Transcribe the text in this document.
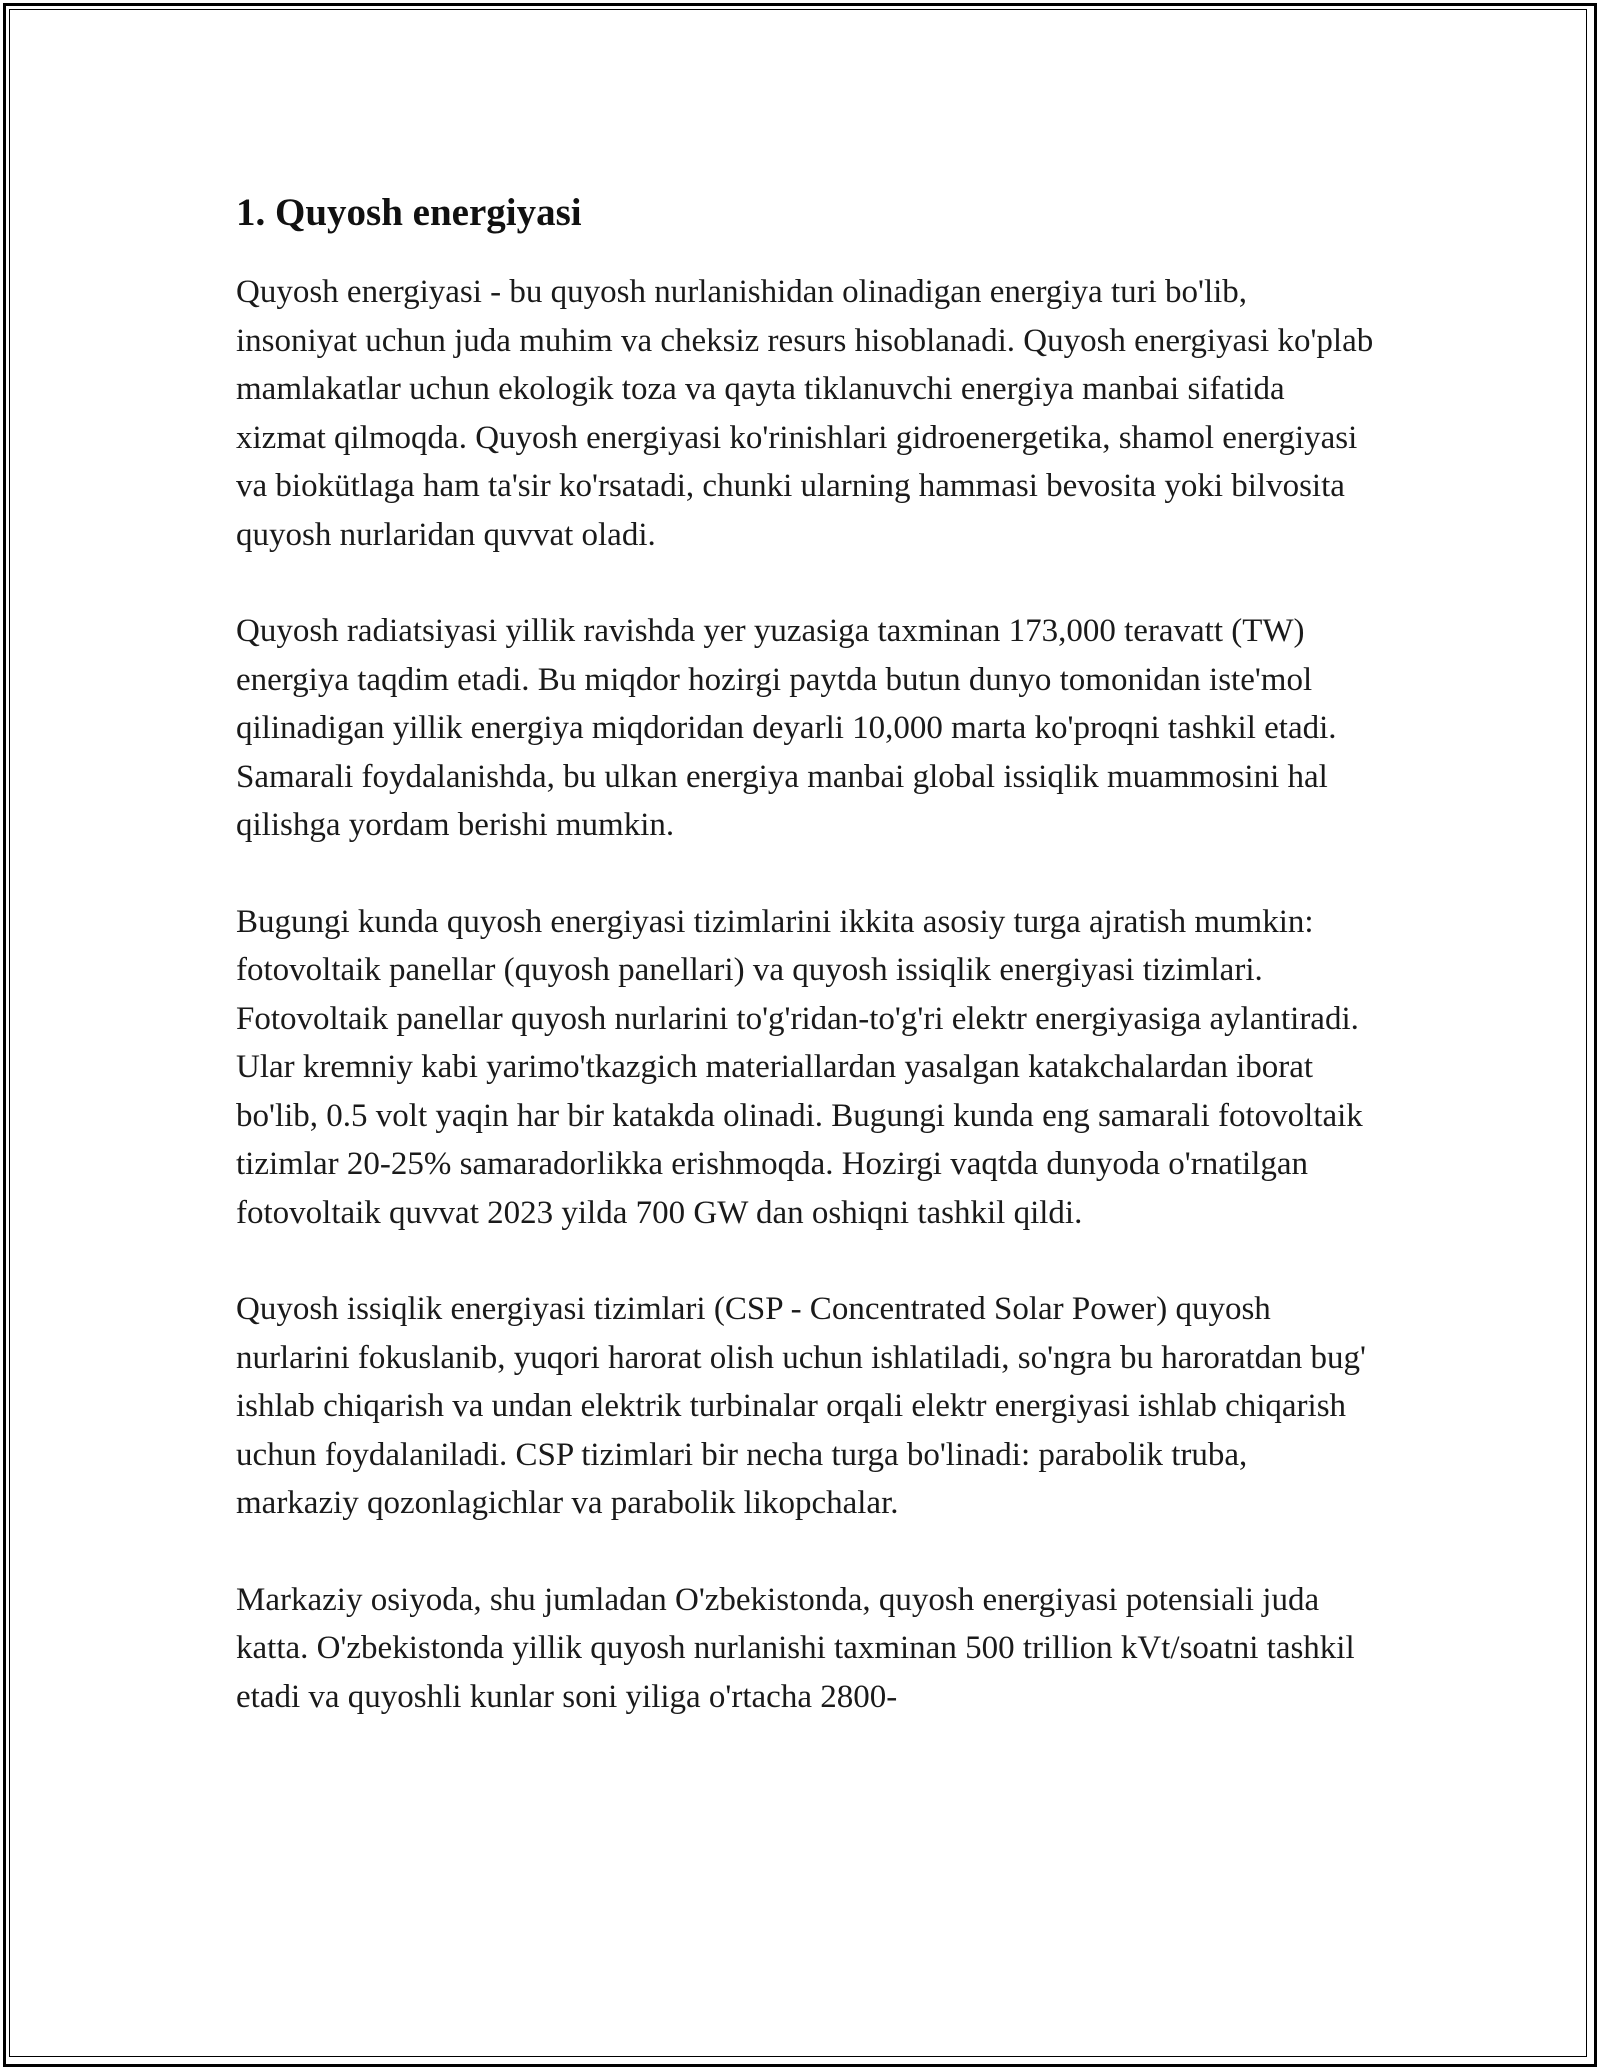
1. Quyosh energiyasi

Quyosh energiyasi - bu quyosh nurlanishidan olinadigan energiya turi bo'lib, insoniyat uchun juda muhim va cheksiz resurs hisoblanadi. Quyosh energiyasi ko'plab mamlakatlar uchun ekologik toza va qayta tiklanuvchi energiya manbai sifatida xizmat qilmoqda. Quyosh energiyasi ko'rinishlari gidroenergetika, shamol energiyasi va biokütlaga ham ta'sir ko'rsatadi, chunki ularning hammasi bevosita yoki bilvosita quyosh nurlaridan quvvat oladi.

Quyosh radiatsiyasi yillik ravishda yer yuzasiga taxminan 173,000 teravatt (TW) energiya taqdim etadi. Bu miqdor hozirgi paytda butun dunyo tomonidan iste'mol qilinadigan yillik energiya miqdoridan deyarli 10,000 marta ko'proqni tashkil etadi. Samarali foydalanishda, bu ulkan energiya manbai global issiqlik muammosini hal qilishga yordam berishi mumkin.

Bugungi kunda quyosh energiyasi tizimlarini ikkita asosiy turga ajratish mumkin: fotovoltaik panellar (quyosh panellari) va quyosh issiqlik energiyasi tizimlari. Fotovoltaik panellar quyosh nurlarini to'g'ridan-to'g'ri elektr energiyasiga aylantiradi. Ular kremniy kabi yarimo'tkazgich materiallardan yasalgan katakchalardan iborat bo'lib, 0.5 volt yaqin har bir katakda olinadi. Bugungi kunda eng samarali fotovoltaik tizimlar 20-25% samaradorlikka erishmoqda. Hozirgi vaqtda dunyoda o'rnatilgan fotovoltaik quvvat 2023 yilda 700 GW dan oshiqni tashkil qildi.

Quyosh issiqlik energiyasi tizimlari (CSP - Concentrated Solar Power) quyosh nurlarini fokuslanib, yuqori harorat olish uchun ishlatiladi, so'ngra bu haroratdan bug' ishlab chiqarish va undan elektrik turbinalar orqali elektr energiyasi ishlab chiqarish uchun foydalaniladi. CSP tizimlari bir necha turga bo'linadi: parabolik truba, markaziy qozonlagichlar va parabolik likopchalar.

Markaziy osiyoda, shu jumladan O'zbekistonda, quyosh energiyasi potensiali juda katta. O'zbekistonda yillik quyosh nurlanishi taxminan 500 trillion kVt/soatni tashkil etadi va quyoshli kunlar soni yiliga o'rtacha 2800-
